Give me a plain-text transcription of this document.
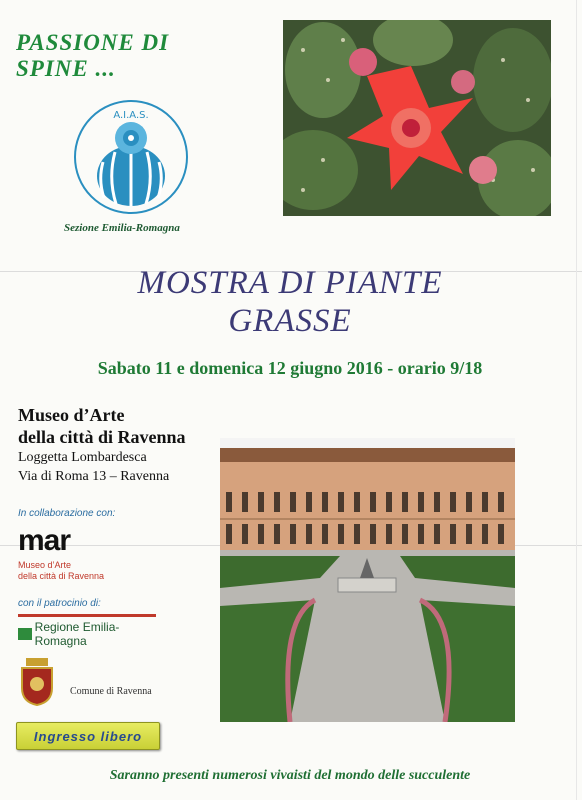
PASSIONE DI
SPINE ...
A.I.A.S.
Sezione Emilia-Romagna
MOSTRA DI PIANTE
GRASSE
Sabato 11 e domenica 12 giugno 2016 - orario 9/18
Museo d’Arte
della città di Ravenna
Loggetta Lombardesca
Via di Roma 13 – Ravenna
In collaborazione con:
mar
Museo d’Arte
della città di Ravenna
con il patrocinio di:
Regione Emilia-Romagna
Comune di Ravenna
Ingresso libero
Saranno presenti numerosi vivaisti del mondo delle succulente
